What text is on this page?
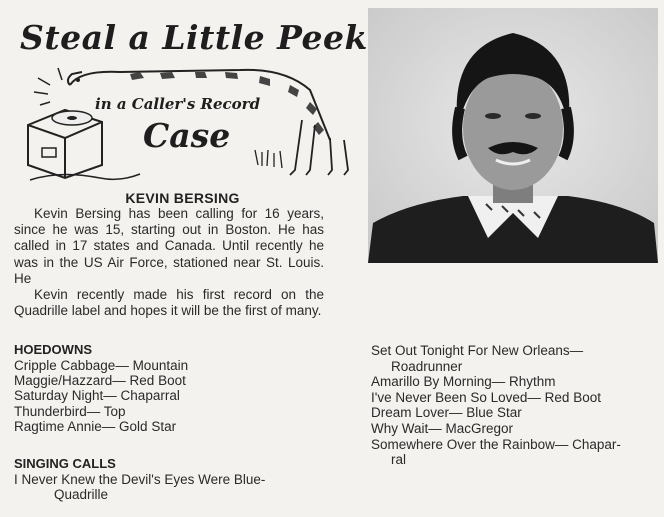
Steal a Little Peek
in a Caller's Record
Case
KEVIN BERSING

Kevin Bersing has been calling for 16 years, since he was 15, starting out in Boston. He has called in 17 states and Canada. Until recently he was in the US Air Force, stationed near St. Louis. He

Kevin recently made his first record on the Quadrille label and hopes it will be the first of many.

HOEDOWNS
Cripple Cabbage— Mountain
Maggie/Hazzard— Red Boot
Saturday Night— Chaparral
Thunderbird— Top
Ragtime Annie— Gold Star
SINGING CALLS
I Never Knew the Devil's Eyes Were Blue-
Quadrille
Set Out Tonight For New Orleans—
Roadrunner
Amarillo By Morning— Rhythm
I've Never Been So Loved— Red Boot
Dream Lover— Blue Star
Why Wait— MacGregor
Somewhere Over the Rainbow— Chapar-
ral
